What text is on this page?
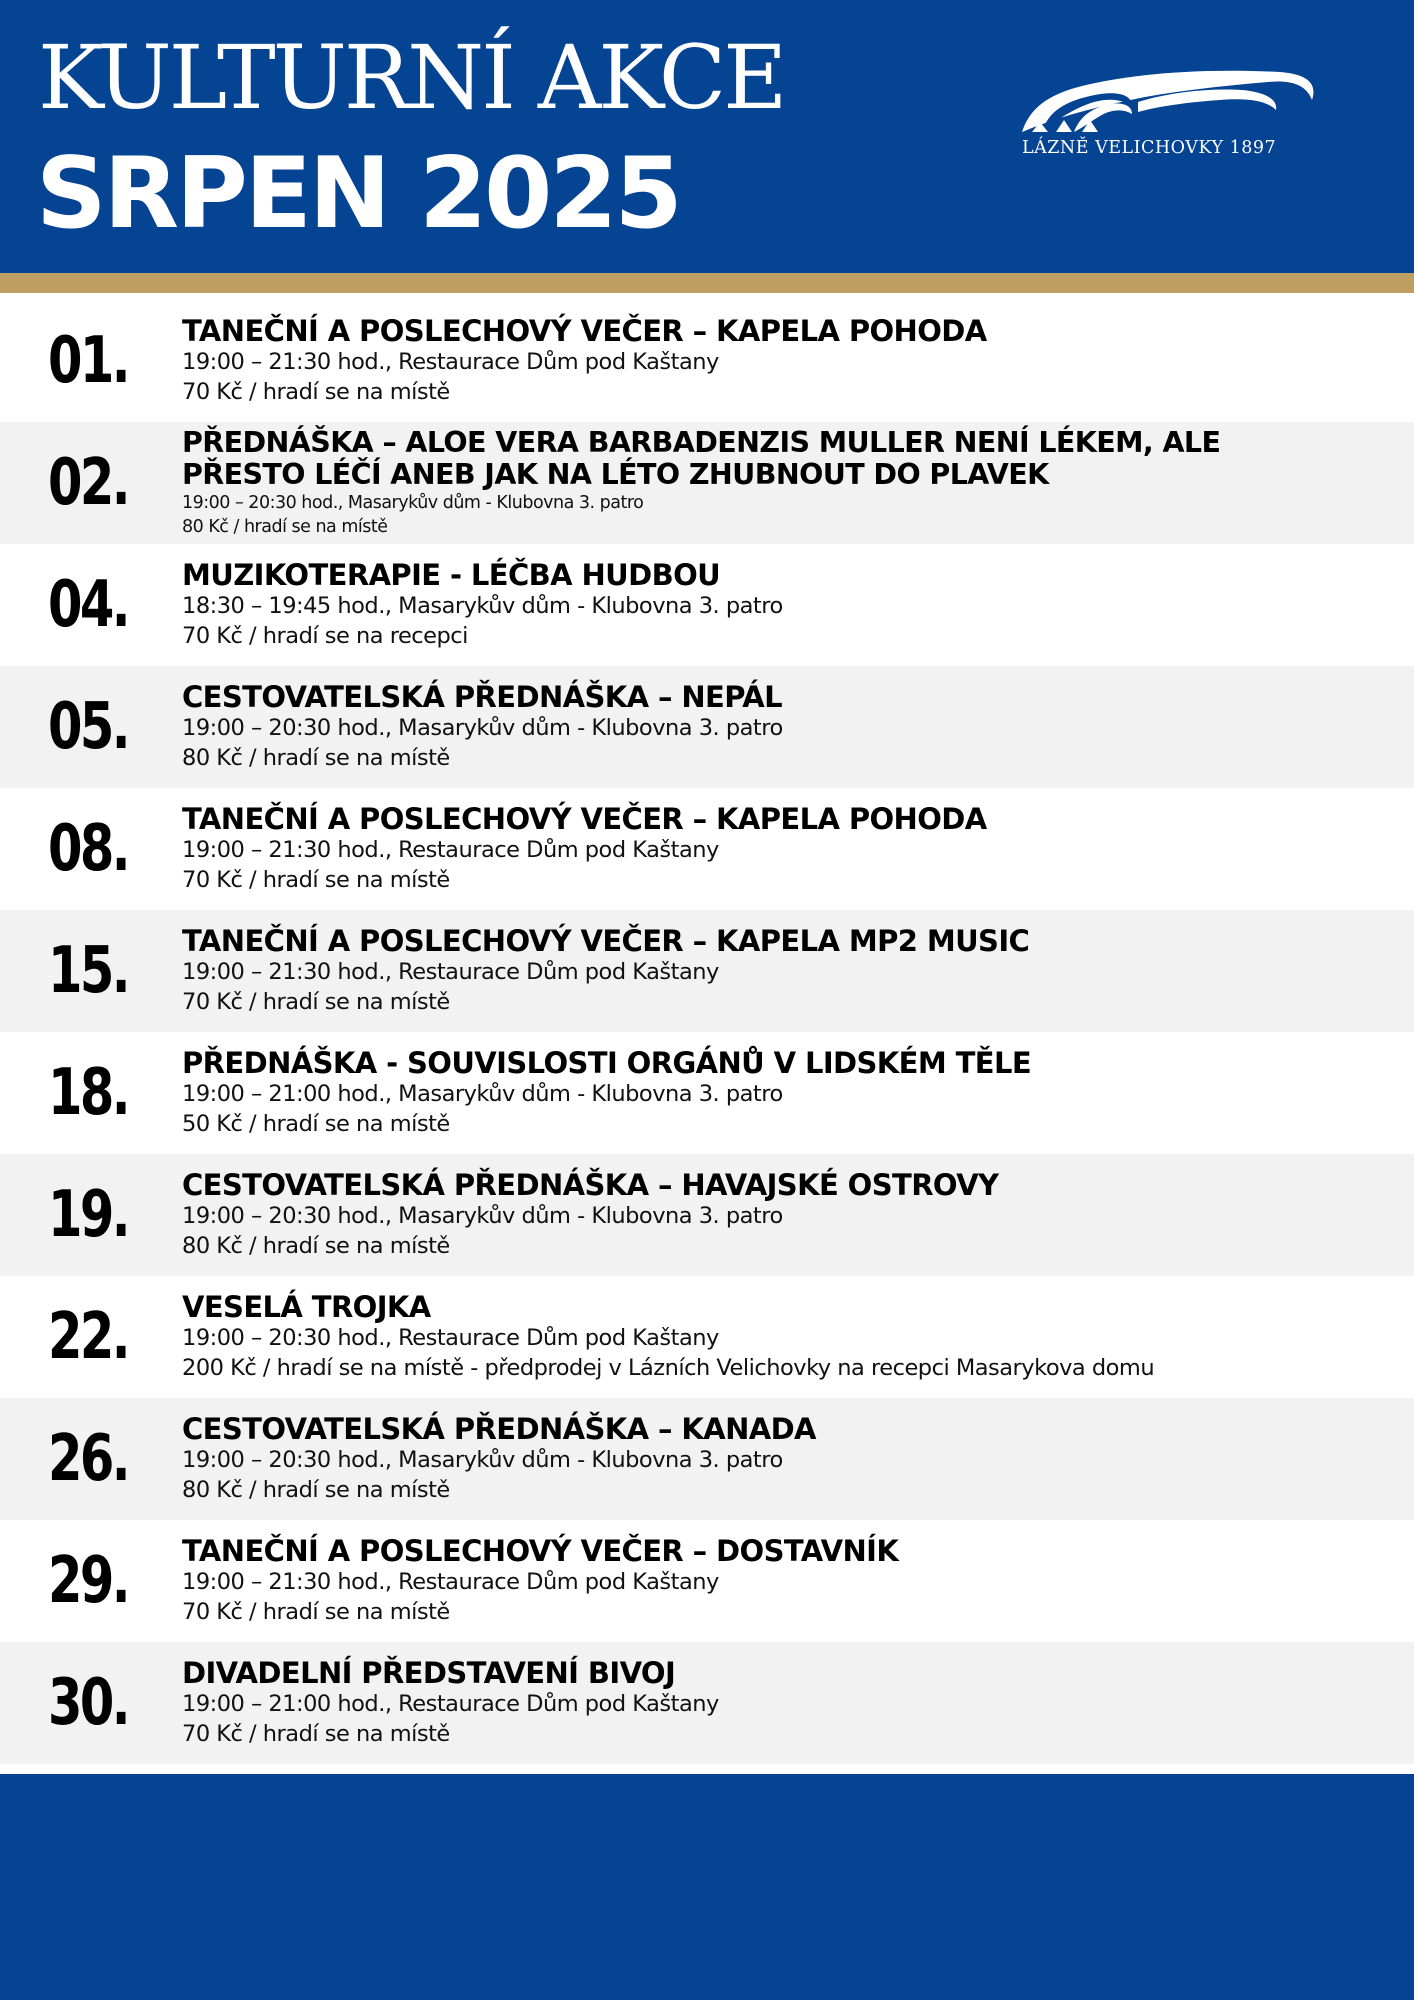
KULTURNÍ AKCE
SRPEN 2025	LÁZNĚ VELICHOVKY 1897
01. TANEČNÍ A POSLECHOVÝ VEČER – KAPELA POHODA
19:00 – 21:30 hod., Restaurace Dům pod Kaštany
70 Kč / hradí se na místě
02.
PŘEDNÁŠKA – ALOE VERA BARBADENZIS MULLER NENÍ LÉKEM, ALE
PŘESTO LÉČÍ ANEB JAK NA LÉTO ZHUBNOUT DO PLAVEK
19:00 – 20:30 hod., Masarykův dům - Klubovna 3. patro
80 Kč / hradí se na místě
04. MUZIKOTERAPIE - LÉČBA HUDBOU
18:30 – 19:45 hod., Masarykův dům - Klubovna 3. patro
70 Kč / hradí se na recepci
05. CESTOVATELSKÁ PŘEDNÁŠKA – NEPÁL
19:00 – 20:30 hod., Masarykův dům - Klubovna 3. patro
80 Kč / hradí se na místě
08. TANEČNÍ A POSLECHOVÝ VEČER – KAPELA POHODA
19:00 – 21:30 hod., Restaurace Dům pod Kaštany
70 Kč / hradí se na místě
15. TANEČNÍ A POSLECHOVÝ VEČER – KAPELA MP2 MUSIC
19:00 – 21:30 hod., Restaurace Dům pod Kaštany
70 Kč / hradí se na místě
18. PŘEDNÁŠKA - SOUVISLOSTI ORGÁNŮ V LIDSKÉM TĚLE
19:00 – 21:00 hod., Masarykův dům - Klubovna 3. patro
50 Kč / hradí se na místě
19. CESTOVATELSKÁ PŘEDNÁŠKA – HAVAJSKÉ OSTROVY
19:00 – 20:30 hod., Masarykův dům - Klubovna 3. patro
80 Kč / hradí se na místě
22. VESELÁ TROJKA
19:00 – 20:30 hod., Restaurace Dům pod Kaštany
200 Kč / hradí se na místě - předprodej v Lázních Velichovky na recepci Masarykova domu
26. CESTOVATELSKÁ PŘEDNÁŠKA – KANADA
19:00 – 20:30 hod., Masarykův dům - Klubovna 3. patro
80 Kč / hradí se na místě
29. TANEČNÍ A POSLECHOVÝ VEČER – DOSTAVNÍK
19:00 – 21:30 hod., Restaurace Dům pod Kaštany
70 Kč / hradí se na místě
30. DIVADELNÍ PŘEDSTAVENÍ BIVOJ
19:00 – 21:00 hod., Restaurace Dům pod Kaštany
70 Kč / hradí se na místě
